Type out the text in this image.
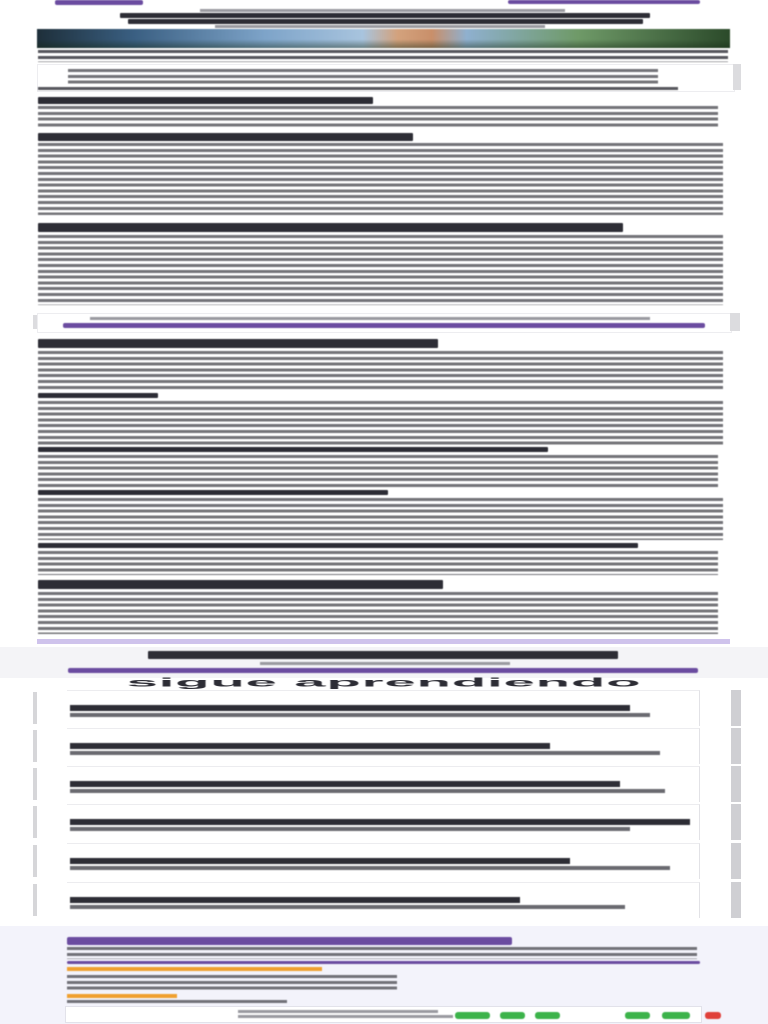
sigue aprendiendo
